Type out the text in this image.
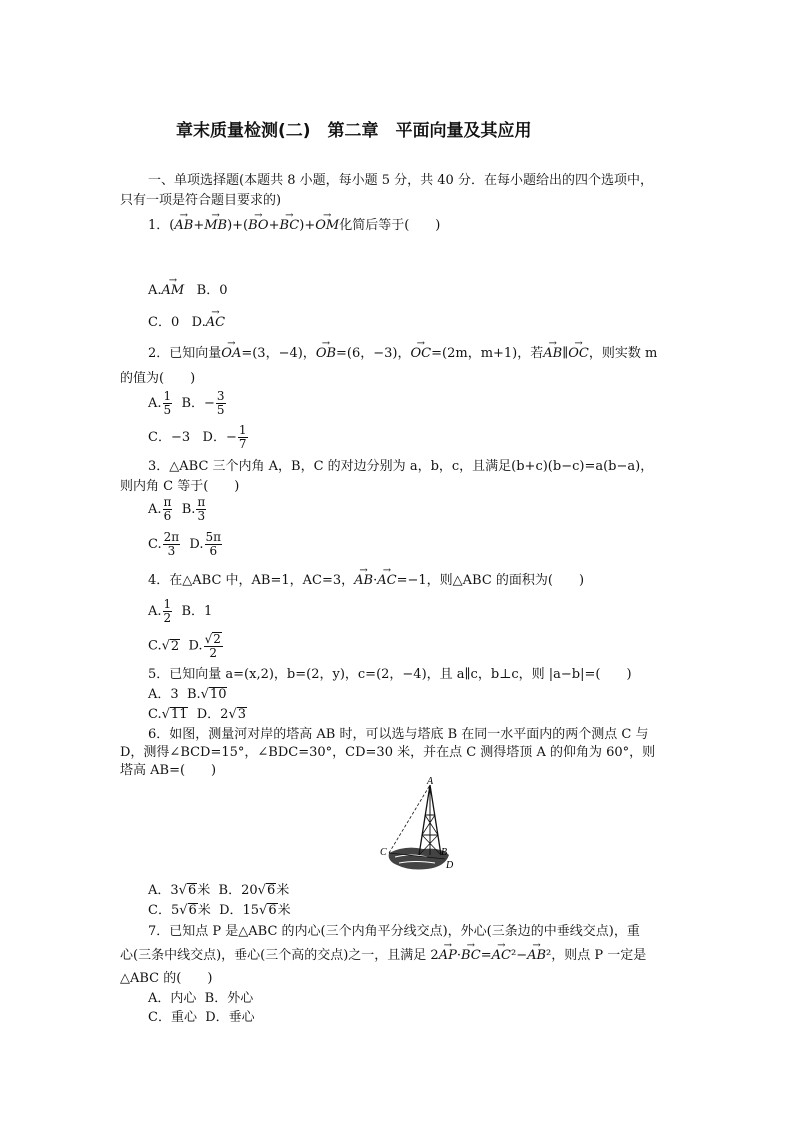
章末质量检测(二)　第二章　平面向量及其应用
一、单项选择题(本题共 8 小题，每小题 5 分，共 40 分．在每小题给出的四个选项中，
只有一项是符合题目要求的)
1．(→ AB+→ MB)+(→ BO+→ BC)+→ OM化简后等于(　　)
A.→ AM B．0
C．0 D.→ AC
2．已知向量→ OA=(3，−4)，→ OB=(6，−3)，→ OC=(2m，m+1)，若→ AB∥→ OC，则实数 m
的值为(　　)
A. $\frac{1}{5}$ B．− $\frac{3}{5}$
C．−3 D．− $\frac{1}{7}$
3．△ABC 三个内角 A，B，C 的对边分别为 a，b，c，且满足(b+c)(b−c)=a(b−a)，
则内角 C 等于(　　)
A. $\frac{\pi}{6} B$. $\frac{\pi}{3}$
C. $\frac{2\pi}{3} D$. $\frac{5\pi}{6}$
4．在△ABC 中，AB=1，AC=3，→ AB·→ AC=−1，则△ABC 的面积为(　　)
A. $\frac{1}{2}$ B．1
C.√2 D. $\frac{√2}{2}$
5．已知向量 a=(x,2)，b=(2，y)，c=(2，−4)，且 a∥c，b⊥c，则 |a−b|=(　　)
A．3 B.√10
C.√11 D．2√3
6．如图，测量河对岸的塔高 AB 时，可以选与塔底 B 在同一水平面内的两个测点 C 与
D，测得∠BCD=15°，∠BDC=30°，CD=30 米，并在点 C 测得塔顶 A 的仰角为 60°，则
塔高 AB=(　　)
A
B
C
D
A．3√6米 B．20√6米
C．5√6米 D．15√6米
7．已知点 P 是△ABC 的内心(三个内角平分线交点)，外心(三条边的中垂线交点)，重
心(三条中线交点)，垂心(三个高的交点)之一，且满足 2→ AP·→ BC=→ AC²−→ AB²，则点 P 一定是
△ABC 的(　　)
A．内心 B．外心
C．重心 D．垂心
